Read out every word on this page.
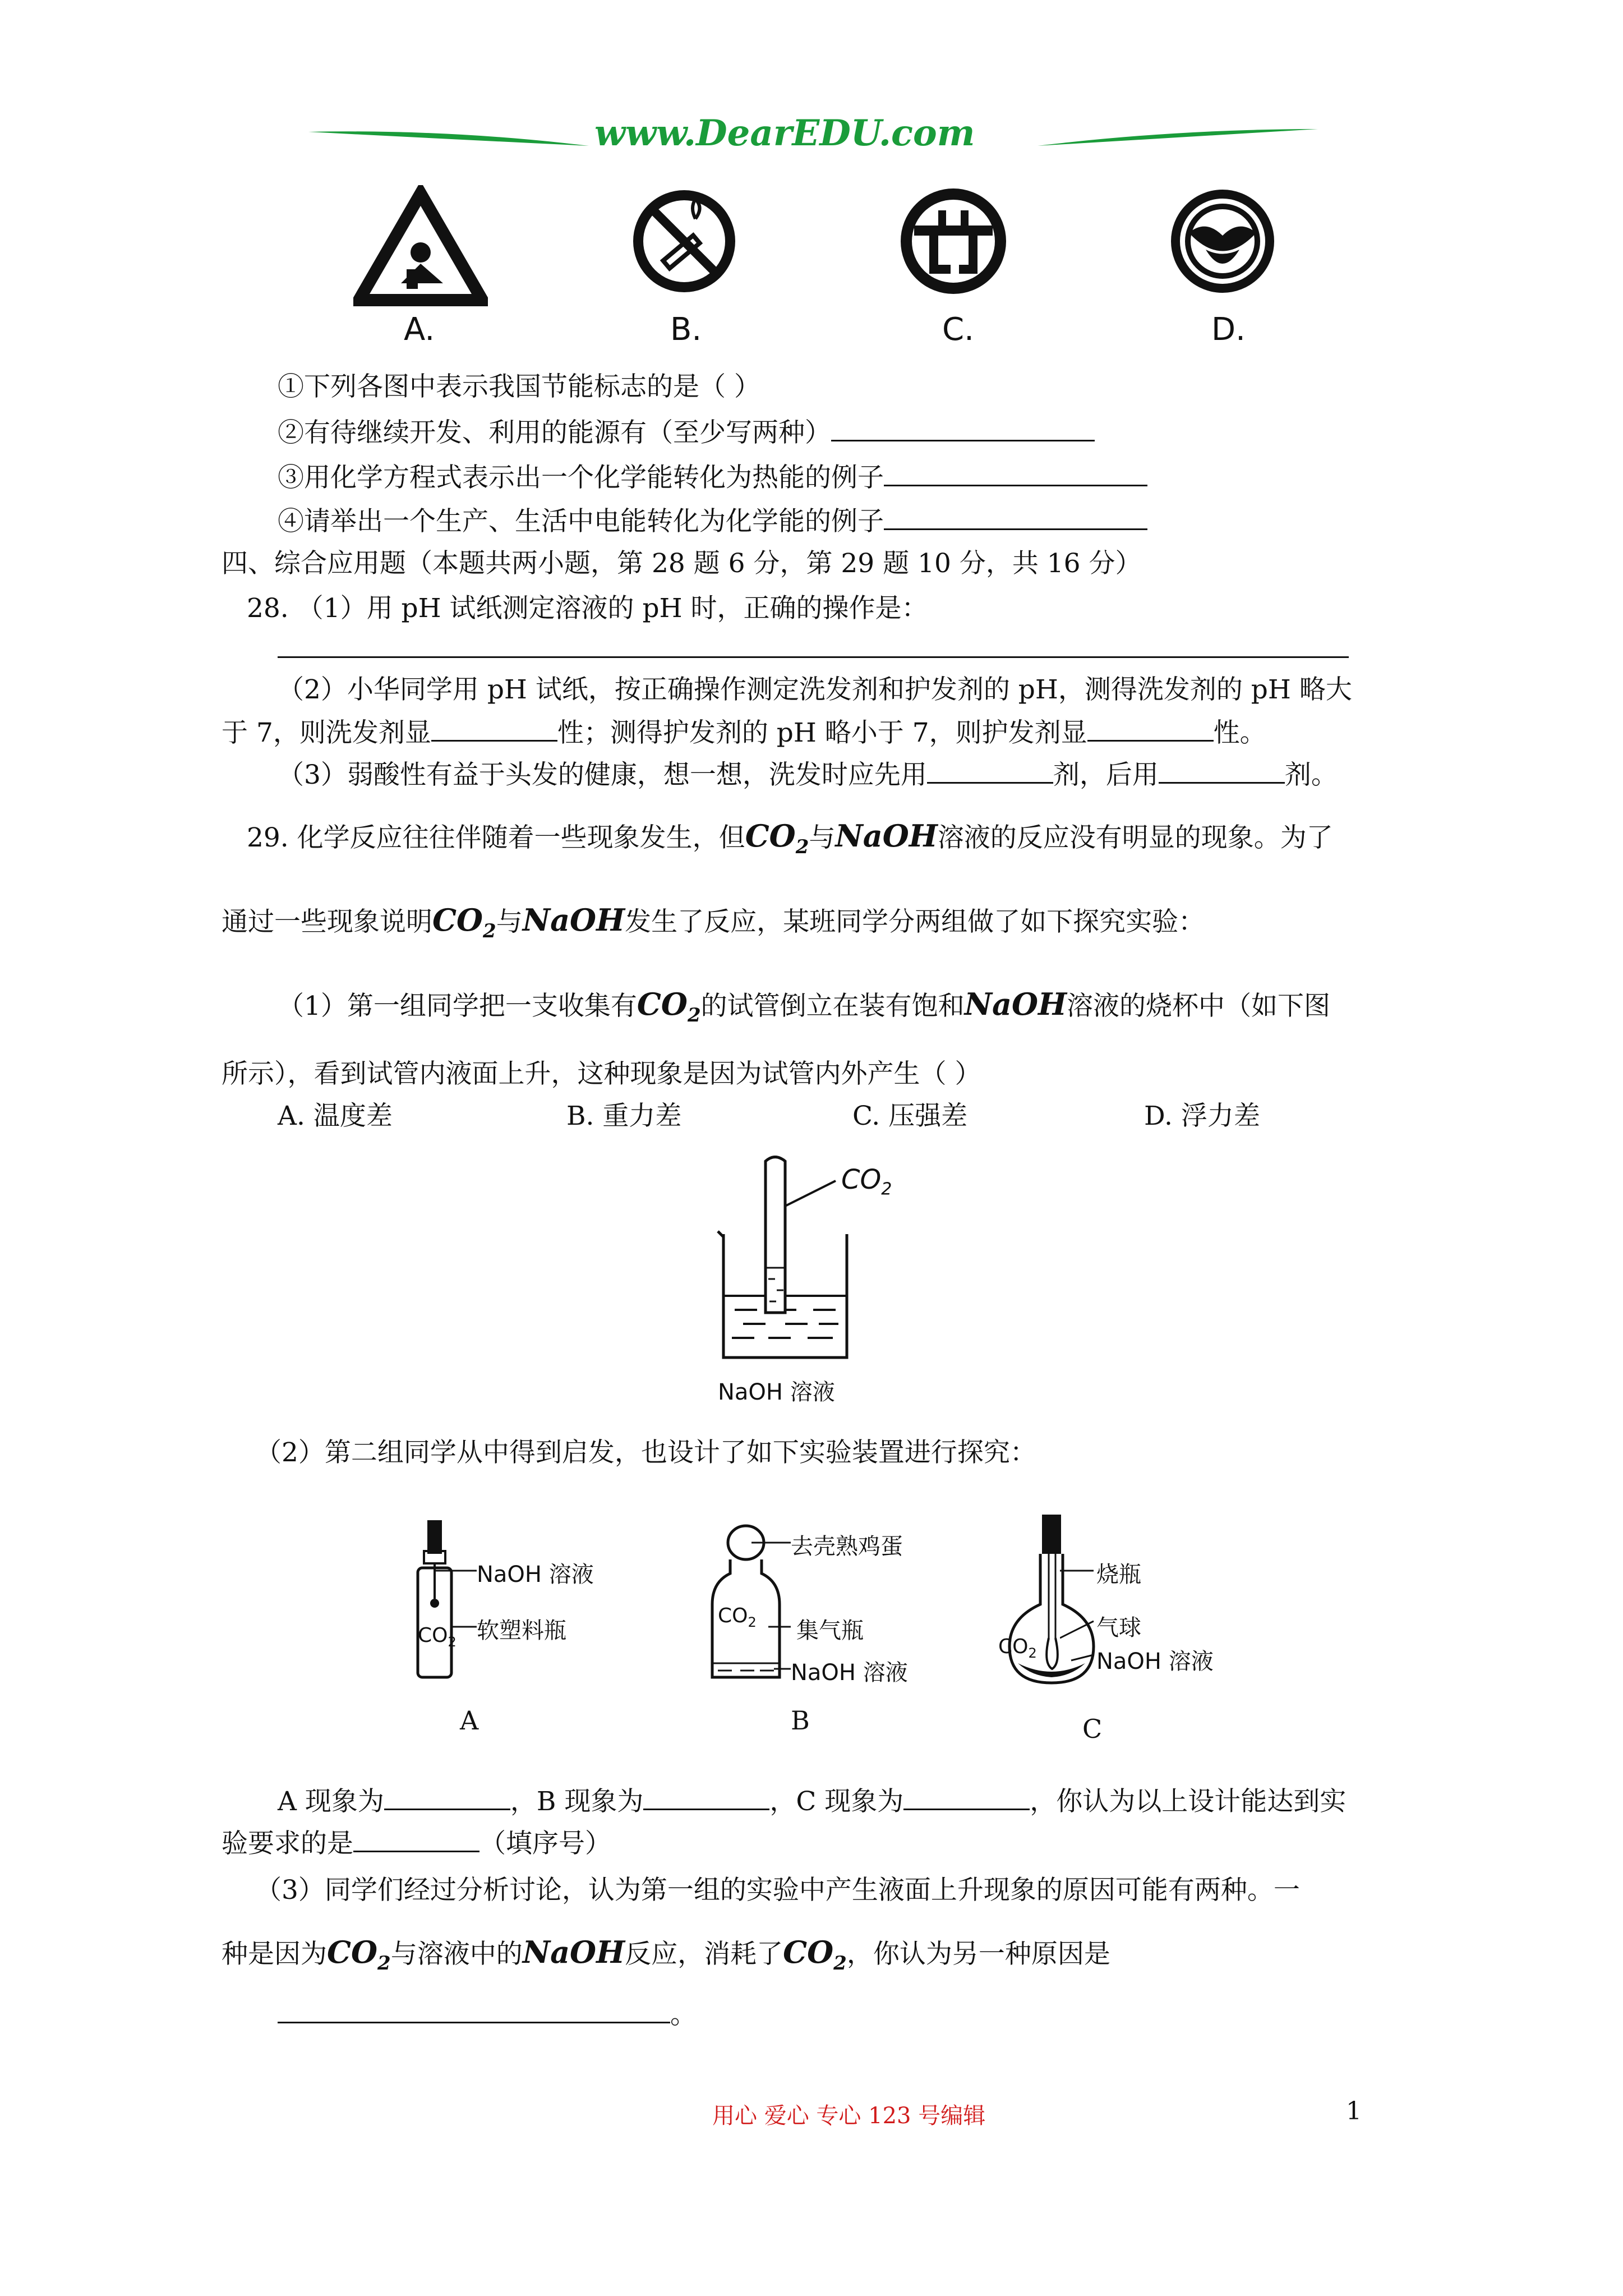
www.DearEDU.com
A.	B.	C.	D.
①下列各图中表示我国节能标志的是（ ）
②有待继续开发、利用的能源有（至少写两种）
③用化学方程式表示出一个化学能转化为热能的例子
④请举出一个生产、生活中电能转化为化学能的例子
四、综合应用题（本题共两小题，第 28 题 6 分，第 29 题 10 分，共 16 分）
28. （1）用 pH 试纸测定溶液的 pH 时，正确的操作是：
（2）小华同学用 pH 试纸，按正确操作测定洗发剂和护发剂的 pH，测得洗发剂的 pH 略大
于 7，则洗发剂显	性；测得护发剂的 pH 略小于 7，则护发剂显	性。
（3）弱酸性有益于头发的健康，想一想，洗发时应先用	剂，后用	剂。
29. 化学反应往往伴随着一些现象发生，但$CO_2$与NaOH溶液的反应没有明显的现象。为了
通过一些现象说明$CO_2$与NaOH发生了反应，某班同学分两组做了如下探究实验：
（1）第一组同学把一支收集有$CO_2$的试管倒立在装有饱和NaOH溶液的烧杯中（如下图
所示），看到试管内液面上升，这种现象是因为试管内外产生（ ）
A. 温度差	B. 重力差	C. 压强差	D. 浮力差
$CO_2$
NaOH 溶液
（2）第二组同学从中得到启发，也设计了如下实验装置进行探究：
NaOH 溶液
软塑料瓶
$CO_2$
A
$CO_2$
去壳熟鸡蛋
集气瓶
NaOH 溶液
B
$CO_2$
烧瓶
气球
NaOH 溶液
C
A 现象为	，B 现象为	，C 现象为	，你认为以上设计能达到实
验要求的是	（填序号）
（3）同学们经过分析讨论，认为第一组的实验中产生液面上升现象的原因可能有两种。一
种是因为$CO_2$与溶液中的NaOH反应，消耗了$CO_2$，你认为另一种原因是
。
用心 爱心 专心 123 号编辑	1
